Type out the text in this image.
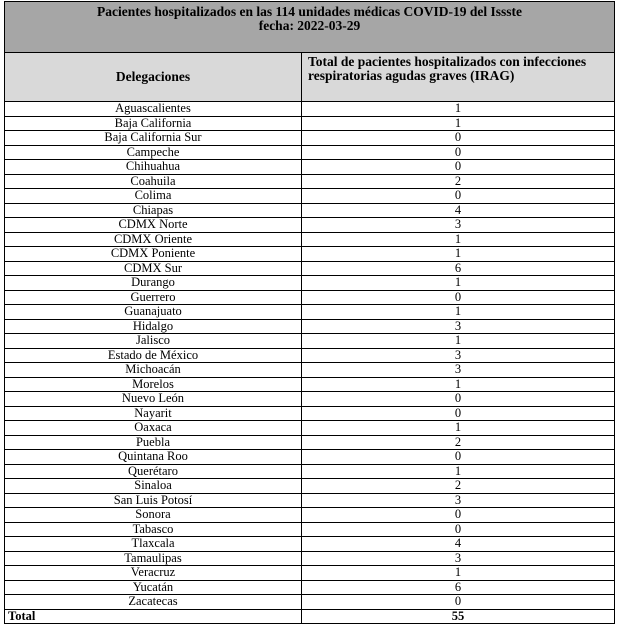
Pacientes hospitalizados en las 114 unidades médicas COVID-19 del Issste
fecha: 2022-03-29	

Delegaciones	Total de pacientes hospitalizados con infecciones respiratorias agudas graves (IRAG)
Aguascalientes	1
Baja California	1
Baja California Sur	0
Campeche	0
Chihuahua	0
Coahuila	2
Colima	0
Chiapas	4
CDMX Norte	3
CDMX Oriente	1
CDMX Poniente	1
CDMX Sur	6
Durango	1
Guerrero	0
Guanajuato	1
Hidalgo	3
Jalisco	1
Estado de México	3
Michoacán	3
Morelos	1
Nuevo León	0
Nayarit	0
Oaxaca	1
Puebla	2
Quintana Roo	0
Querétaro	1
Sinaloa	2
San Luis Potosí	3
Sonora	0
Tabasco	0
Tlaxcala	4
Tamaulipas	3
Veracruz	1
Yucatán	6
Zacatecas	0
Total	55
